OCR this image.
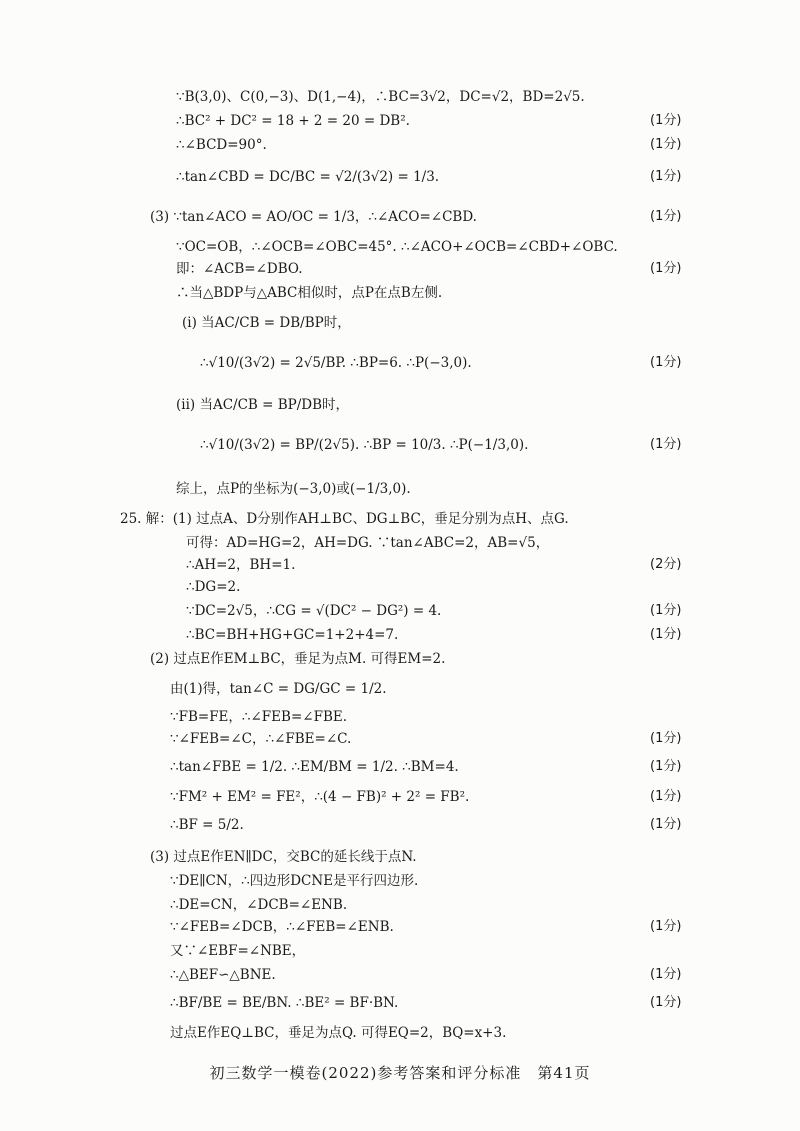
∵B(3,0)、C(0,−3)、D(1,−4)，∴BC=3√2，DC=√2，BD=2√5.
∴BC² + DC² = 18 + 2 = 20 = DB².	(1分)
∴∠BCD=90°.	(1分)
∴tan∠CBD = DC/BC = √2/(3√2) = 1/3.	(1分)
(3) ∵tan∠ACO = AO/OC = 1/3，∴∠ACO=∠CBD.	(1分)
∵OC=OB，∴∠OCB=∠OBC=45°. ∴∠ACO+∠OCB=∠CBD+∠OBC.
即：∠ACB=∠DBO.	(1分)
∴当△BDP与△ABC相似时，点P在点B左侧.
(i) 当AC/CB = DB/BP时，
∴√10/(3√2) = 2√5/BP. ∴BP=6. ∴P(−3,0).	(1分)
(ii) 当AC/CB = BP/DB时，
∴√10/(3√2) = BP/(2√5). ∴BP = 10/3. ∴P(−1/3,0).	(1分)
综上，点P的坐标为(−3,0)或(−1/3,0).
25. 解：(1) 过点A、D分别作AH⊥BC、DG⊥BC，垂足分别为点H、点G.
可得：AD=HG=2，AH=DG. ∵tan∠ABC=2，AB=√5，
∴AH=2，BH=1.	(2分)
∴DG=2.
∵DC=2√5，∴CG = √(DC² − DG²) = 4.	(1分)
∴BC=BH+HG+GC=1+2+4=7.	(1分)
(2) 过点E作EM⊥BC，垂足为点M. 可得EM=2.
由(1)得，tan∠C = DG/GC = 1/2.
∵FB=FE，∴∠FEB=∠FBE.
∵∠FEB=∠C，∴∠FBE=∠C.	(1分)
∴tan∠FBE = 1/2. ∴EM/BM = 1/2. ∴BM=4.	(1分)
∵FM² + EM² = FE²，∴(4 − FB)² + 2² = FB².	(1分)
∴BF = 5/2.	(1分)
(3) 过点E作EN∥DC，交BC的延长线于点N.
∵DE∥CN，∴四边形DCNE是平行四边形.
∴DE=CN，∠DCB=∠ENB.
∵∠FEB=∠DCB，∴∠FEB=∠ENB.	(1分)
又∵∠EBF=∠NBE，
∴△BEF∽△BNE.	(1分)
∴BF/BE = BE/BN. ∴BE² = BF·BN.	(1分)
过点E作EQ⊥BC，垂足为点Q. 可得EQ=2，BQ=x+3.
初三数学一模卷(2022)参考答案和评分标准　第41页
